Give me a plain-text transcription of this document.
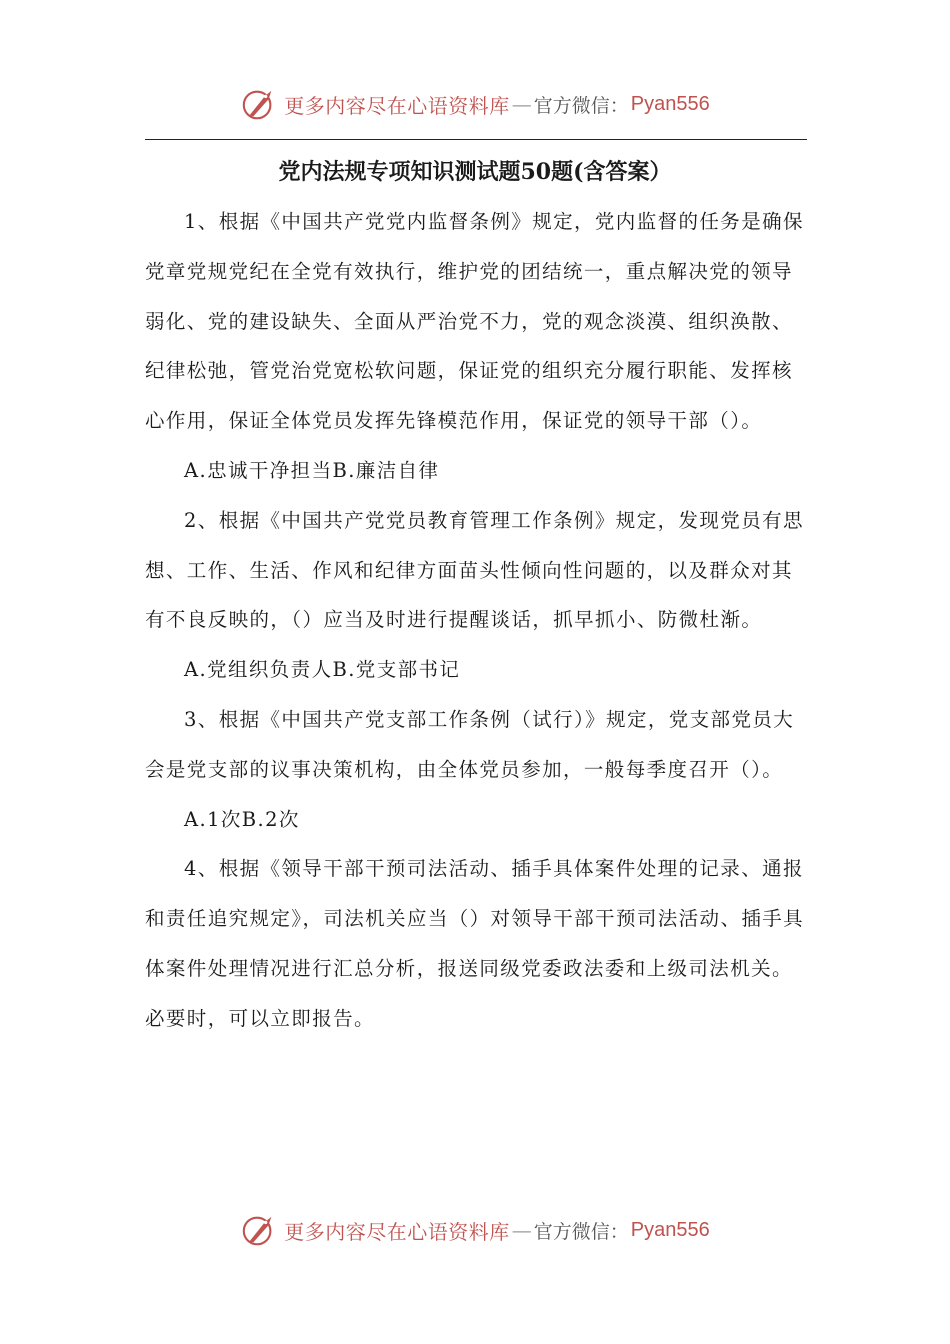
更多内容尽在心语资料库 — 官方微信： Pyan556
党内法规专项知识测试题50题(含答案）

1、根据《中国共产党党内监督条例》规定，党内监督的任务是确保党章党规党纪在全党有效执行，维护党的团结统一，重点解决党的领导弱化、党的建设缺失、全面从严治党不力，党的观念淡漠、组织涣散、纪律松弛，管党治党宽松软问题，保证党的组织充分履行职能、发挥核心作用，保证全体党员发挥先锋模范作用，保证党的领导干部（）。

A.忠诚干净担当B.廉洁自律

2、根据《中国共产党党员教育管理工作条例》规定，发现党员有思想、工作、生活、作风和纪律方面苗头性倾向性问题的，以及群众对其有不良反映的，（）应当及时进行提醒谈话，抓早抓小、防微杜渐。

A.党组织负责人B.党支部书记

3、根据《中国共产党支部工作条例（试行）》规定，党支部党员大会是党支部的议事决策机构，由全体党员参加，一般每季度召开（）。

A.1次B.2次

4、根据《领导干部干预司法活动、插手具体案件处理的记录、通报和责任追究规定》，司法机关应当（）对领导干部干预司法活动、插手具体案件处理情况进行汇总分析，报送同级党委政法委和上级司法机关。必要时，可以立即报告。

更多内容尽在心语资料库 — 官方微信： Pyan556
